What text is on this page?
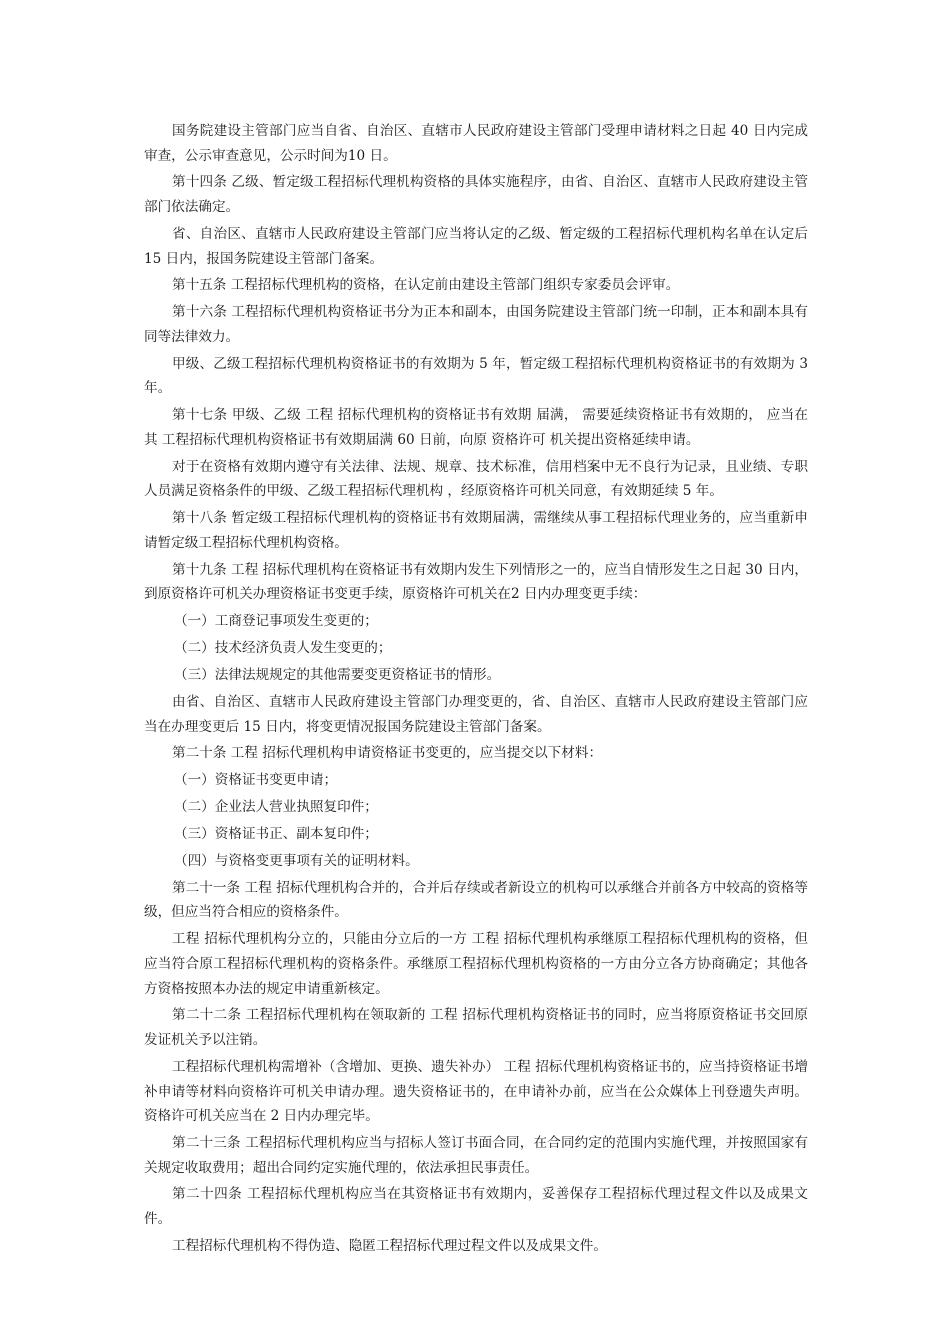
国务院建设主管部门应当自省、自治区、直辖市人民政府建设主管部门受理申请材料之日起 40 日内完成审查，公示审查意见，公示时间为10 日。

第十四条 乙级、暂定级工程招标代理机构资格的具体实施程序，由省、自治区、直辖市人民政府建设主管部门依法确定。

省、自治区、直辖市人民政府建设主管部门应当将认定的乙级、暂定级的工程招标代理机构名单在认定后 15 日内，报国务院建设主管部门备案。

第十五条 工程招标代理机构的资格，在认定前由建设主管部门组织专家委员会评审。

第十六条 工程招标代理机构资格证书分为正本和副本，由国务院建设主管部门统一印制，正本和副本具有同等法律效力。

甲级、乙级工程招标代理机构资格证书的有效期为 5 年，暂定级工程招标代理机构资格证书的有效期为 3 年。

第十七条 甲级、乙级 工程 招标代理机构的资格证书有效期 届满， 需要延续资格证书有效期的， 应当在其 工程招标代理机构资格证书有效期届满 60 日前，向原 资格许可 机关提出资格延续申请。

对于在资格有效期内遵守有关法律、法规、规章、技术标准，信用档案中无不良行为记录，且业绩、专职人员满足资格条件的甲级、乙级工程招标代理机构 ，经原资格许可机关同意，有效期延续 5 年。

第十八条 暂定级工程招标代理机构的资格证书有效期届满，需继续从事工程招标代理业务的，应当重新申请暂定级工程招标代理机构资格。

第十九条 工程 招标代理机构在资格证书有效期内发生下列情形之一的，应当自情形发生之日起 30 日内，到原资格许可机关办理资格证书变更手续，原资格许可机关在2 日内办理变更手续：

（一）工商登记事项发生变更的；

（二）技术经济负责人发生变更的；

（三）法律法规规定的其他需要变更资格证书的情形。

由省、自治区、直辖市人民政府建设主管部门办理变更的，省、自治区、直辖市人民政府建设主管部门应当在办理变更后 15 日内，将变更情况报国务院建设主管部门备案。

第二十条 工程 招标代理机构申请资格证书变更的，应当提交以下材料：

（一）资格证书变更申请；

（二）企业法人营业执照复印件；

（三）资格证书正、副本复印件；

（四）与资格变更事项有关的证明材料。

第二十一条 工程 招标代理机构合并的，合并后存续或者新设立的机构可以承继合并前各方中较高的资格等级，但应当符合相应的资格条件。

工程 招标代理机构分立的，只能由分立后的一方 工程 招标代理机构承继原工程招标代理机构的资格，但应当符合原工程招标代理机构的资格条件。承继原工程招标代理机构资格的一方由分立各方协商确定；其他各方资格按照本办法的规定申请重新核定。

第二十二条 工程招标代理机构在领取新的 工程 招标代理机构资格证书的同时，应当将原资格证书交回原发证机关予以注销。

工程招标代理机构需增补（含增加、更换、遗失补办） 工程 招标代理机构资格证书的，应当持资格证书增补申请等材料向资格许可机关申请办理。遗失资格证书的，在申请补办前，应当在公众媒体上刊登遗失声明。资格许可机关应当在 2 日内办理完毕。

第二十三条 工程招标代理机构应当与招标人签订书面合同，在合同约定的范围内实施代理，并按照国家有关规定收取费用；超出合同约定实施代理的，依法承担民事责任。

第二十四条 工程招标代理机构应当在其资格证书有效期内，妥善保存工程招标代理过程文件以及成果文件。

工程招标代理机构不得伪造、隐匿工程招标代理过程文件以及成果文件。
